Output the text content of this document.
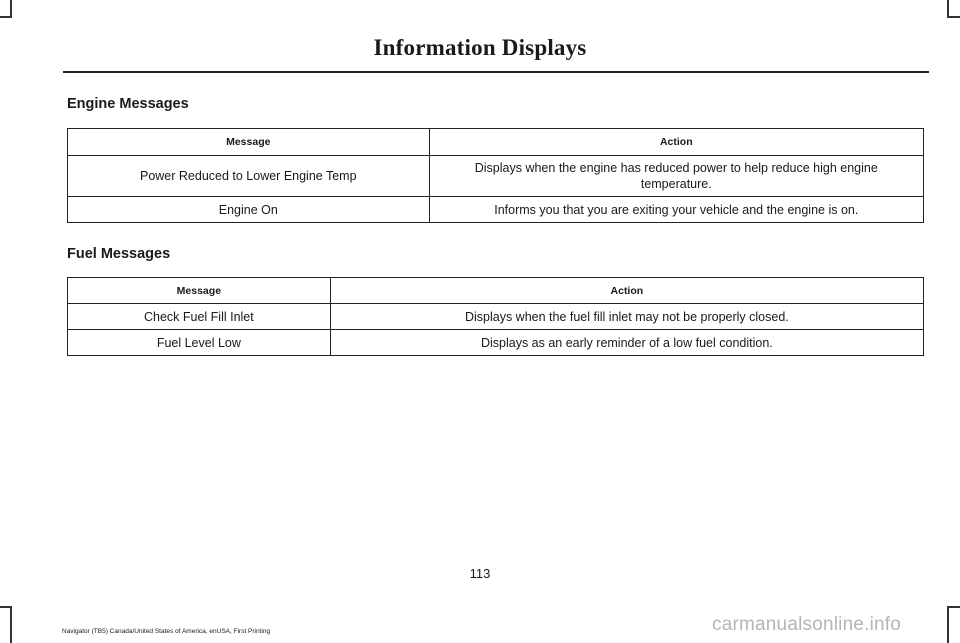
Information Displays
Engine Messages
Message	Action
Power Reduced to Lower Engine Temp	Displays when the engine has reduced power to help reduce high engine temperature.
Engine On	Informs you that you are exiting your vehicle and the engine is on.
Fuel Messages
Message	Action
Check Fuel Fill Inlet	Displays when the fuel fill inlet may not be properly closed.
Fuel Level Low	Displays as an early reminder of a low fuel condition.
113
Navigator (TB5) Canada/United States of America, enUSA, First Printing	carmanualsonline.info
